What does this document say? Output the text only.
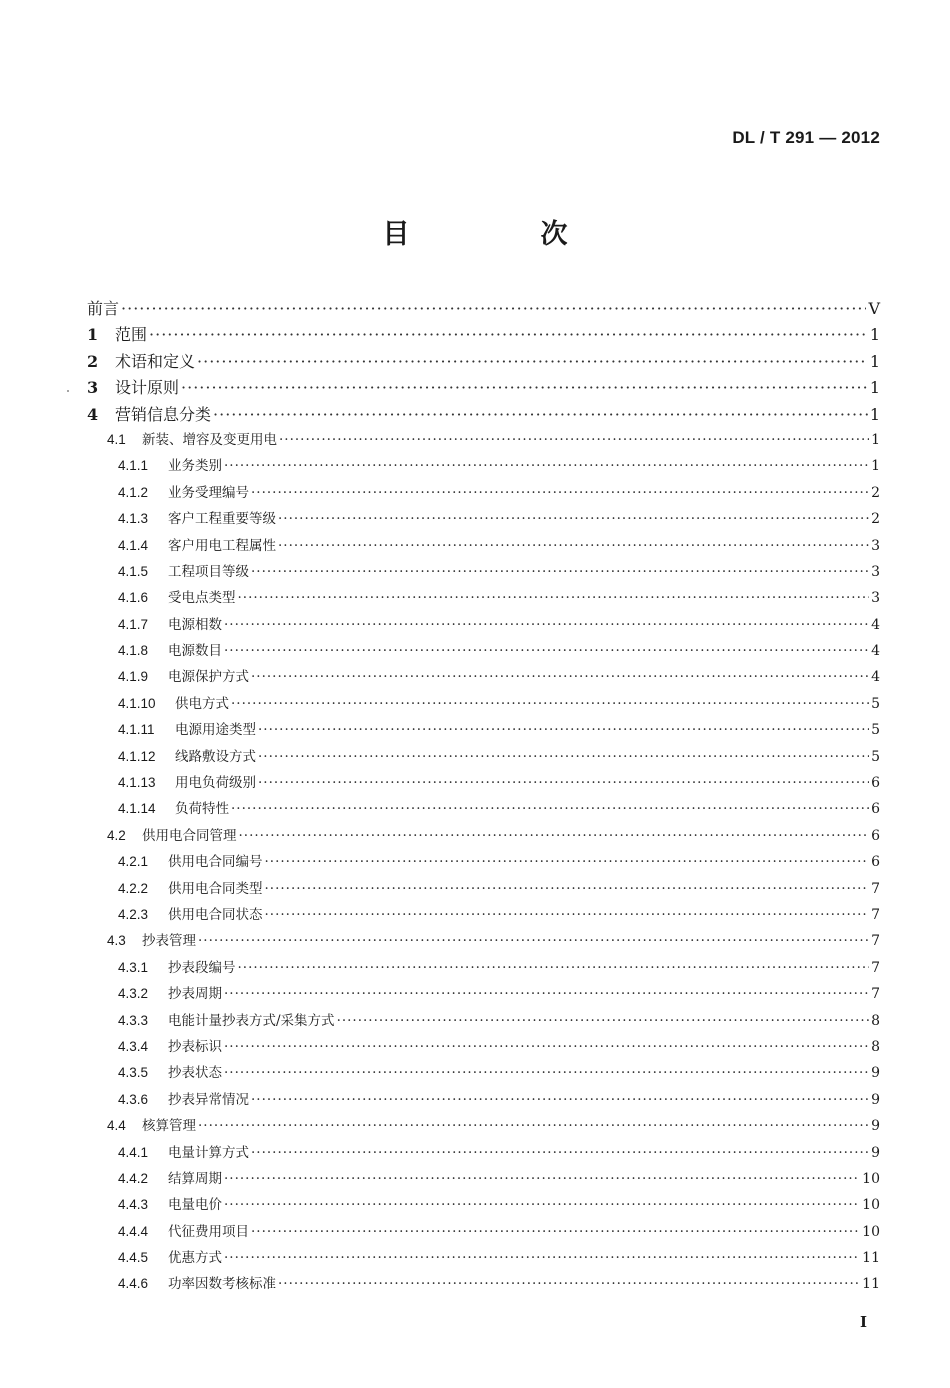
DL / T 291 — 2012
目　次
前言 ·····	V
1	范围 ·····	1
2	术语和定义 ·····	1
3	设计原则 ·····	1
4	营销信息分类 ·····	1
4.1	新装、增容及变更用电 ·····	1
4.1.1	业务类别 ·····	1
4.1.2	业务受理编号 ·····	2
4.1.3	客户工程重要等级 ·····	2
4.1.4	客户用电工程属性 ·····	3
4.1.5	工程项目等级 ·····	3
4.1.6	受电点类型 ·····	3
4.1.7	电源相数 ·····	4
4.1.8	电源数目 ·····	4
4.1.9	电源保护方式 ·····	4
4.1.10	供电方式 ·····	5
4.1.11	电源用途类型 ·····	5
4.1.12	线路敷设方式 ·····	5
4.1.13	用电负荷级别 ·····	6
4.1.14	负荷特性 ·····	6
4.2	供用电合同管理 ·····	6
4.2.1	供用电合同编号 ·····	6
4.2.2	供用电合同类型 ·····	7
4.2.3	供用电合同状态 ·····	7
4.3	抄表管理 ·····	7
4.3.1	抄表段编号 ·····	7
4.3.2	抄表周期 ·····	7
4.3.3	电能计量抄表方式/采集方式 ·····	8
4.3.4	抄表标识 ·····	8
4.3.5	抄表状态 ·····	9
4.3.6	抄表异常情况 ·····	9
4.4	核算管理 ·····	9
4.4.1	电量计算方式 ·····	9
4.4.2	结算周期 ·····	10
4.4.3	电量电价 ·····	10
4.4.4	代征费用项目 ·····	10
4.4.5	优惠方式 ·····	11
4.4.6	功率因数考核标准 ·····	11
I
